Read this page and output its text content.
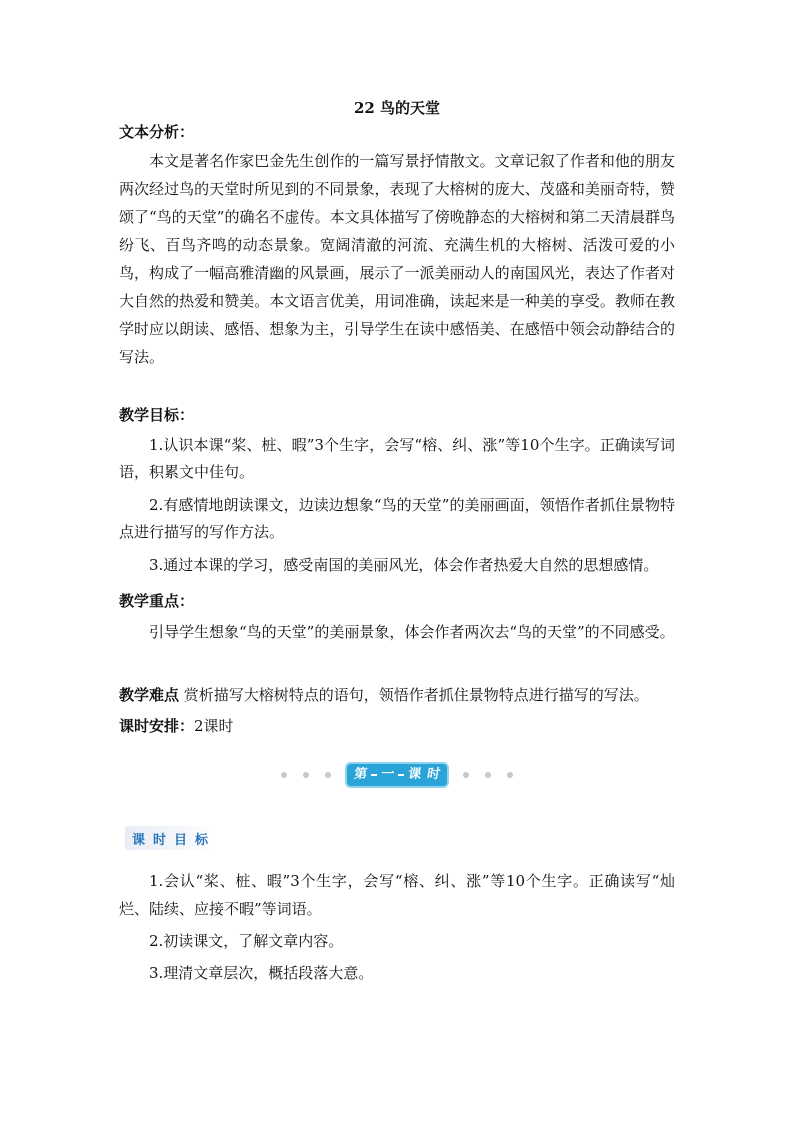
22 鸟的天堂
文本分析：
本文是著名作家巴金先生创作的一篇写景抒情散文。文章记叙了作者和他的朋友两次经过鸟的天堂时所见到的不同景象，表现了大榕树的庞大、茂盛和美丽奇特，赞颂了“鸟的天堂”的确名不虚传。本文具体描写了傍晚静态的大榕树和第二天清晨群鸟纷飞、百鸟齐鸣的动态景象。宽阔清澈的河流、充满生机的大榕树、活泼可爱的小鸟，构成了一幅高雅清幽的风景画，展示了一派美丽动人的南国风光，表达了作者对大自然的热爱和赞美。本文语言优美，用词准确，读起来是一种美的享受。教师在教学时应以朗读、感悟、想象为主，引导学生在读中感悟美、在感悟中领会动静结合的写法。
教学目标：
1.认识本课“桨、桩、暇”3个生字，会写“榕、纠、涨”等10个生字。正确读写词语，积累文中佳句。
2.有感情地朗读课文，边读边想象“鸟的天堂”的美丽画面，领悟作者抓住景物特点进行描写的写作方法。
3.通过本课的学习，感受南国的美丽风光，体会作者热爱大自然的思想感情。
教学重点：
引导学生想象“鸟的天堂”的美丽景象，体会作者两次去“鸟的天堂”的不同感受。
教学难点 赏析描写大榕树特点的语句，领悟作者抓住景物特点进行描写的写法。
课时安排：2课时
第 一 课 时
课时目标
1.会认“桨、桩、暇”3个生字，会写“榕、纠、涨”等10个生字。正确读写“灿烂、陆续、应接不暇”等词语。
2.初读课文，了解文章内容。
3.理清文章层次，概括段落大意。
